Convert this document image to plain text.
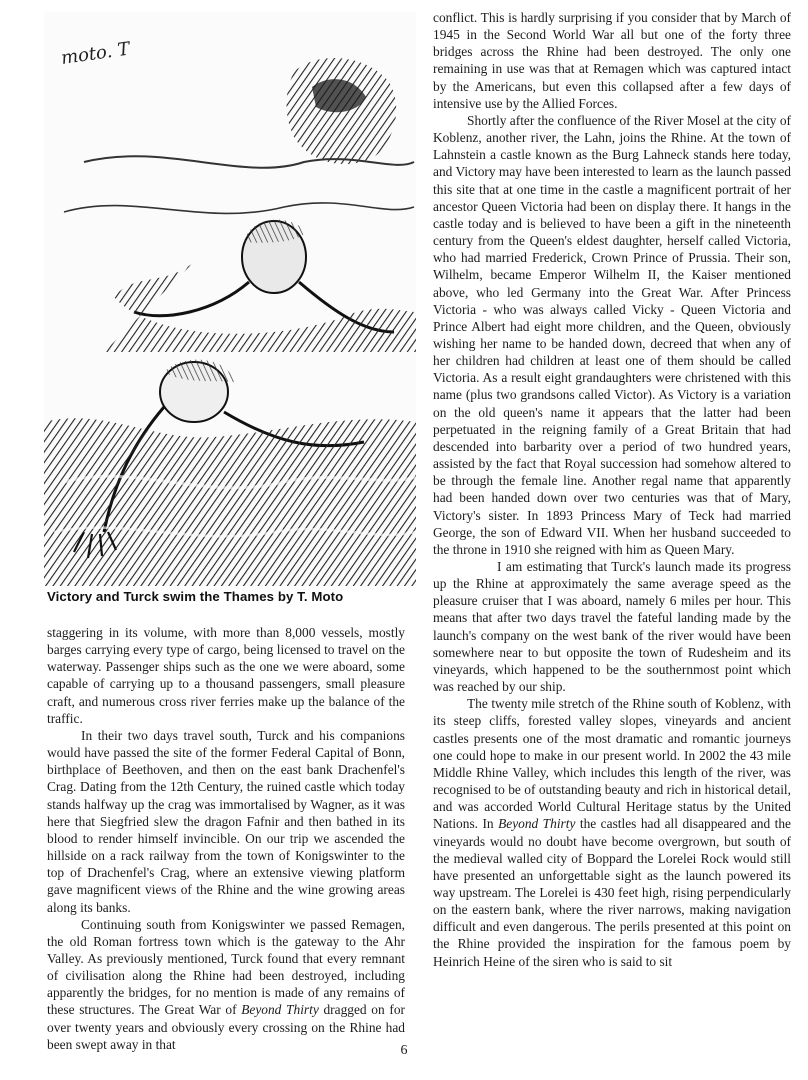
moto. T
Victory and Turck swim the Thames by T. Moto

conflict. This is hardly surprising if you consider that by March of 1945 in the Second World War all but one of the forty three bridges across the Rhine had been destroyed. The only one remaining in use was that at Remagen which was captured intact by the Americans, but even this collapsed after a few days of intensive use by the Allied Forces.

Shortly after the confluence of the River Mosel at the city of Koblenz, another river, the Lahn, joins the Rhine. At the town of Lahnstein a castle known as the Burg Lahneck stands here today, and Victory may have been interested to learn as the launch passed this site that at one time in the castle a magnificent portrait of her ancestor Queen Victoria had been on display there. It hangs in the castle today and is believed to have been a gift in the nineteenth century from the Queen's eldest daughter, herself called Victoria, who had married Frederick, Crown Prince of Prussia. Their son, Wilhelm, became Emperor Wilhelm II, the Kaiser mentioned above, who led Germany into the Great War. After Princess Victoria - who was always called Vicky - Queen Victoria and Prince Albert had eight more children, and the Queen, obviously wishing her name to be handed down, decreed that when any of her children had children at least one of them should be called Victoria. As a result eight grandaughters were christened with this name (plus two grandsons called Victor). As Victory is a variation on the old queen's name it appears that the latter had been perpetuated in the reigning family of a Great Britain that had descended into barbarity over a period of two hundred years, assisted by the fact that Royal succession had somehow altered to be through the female line. Another regal name that apparently had been handed down over two centuries was that of Mary, Victory's sister. In 1893 Princess Mary of Teck had married George, the son of Edward VII. When her husband succeeded to the throne in 1910 she reigned with him as Queen Mary.

I am estimating that Turck's launch made its progress up the Rhine at approximately the same average speed as the pleasure cruiser that I was aboard, namely 6 miles per hour. This means that after two days travel the fateful landing made by the launch's company on the west bank of the river would have been somewhere near to but opposite the town of Rudesheim and its vineyards, which happened to be the southernmost point which was reached by our ship.

The twenty mile stretch of the Rhine south of Koblenz, with its steep cliffs, forested valley slopes, vineyards and ancient castles presents one of the most dramatic and romantic journeys one could hope to make in our present world. In 2002 the 43 mile Middle Rhine Valley, which includes this length of the river, was recognised to be of outstanding beauty and rich in historical detail, and was accorded World Cultural Heritage status by the United Nations. In Beyond Thirty the castles had all disappeared and the vineyards would no doubt have become overgrown, but south of the medieval walled city of Boppard the Lorelei Rock would still have presented an unforgettable sight as the launch powered its way upstream. The Lorelei is 430 feet high, rising perpendicularly on the eastern bank, where the river narrows, making navigation difficult and even dangerous. The perils presented at this point on the Rhine provided the inspiration for the famous poem by Heinrich Heine of the siren who is said to sit

staggering in its volume, with more than 8,000 vessels, mostly barges carrying every type of cargo, being licensed to travel on the waterway. Passenger ships such as the one we were aboard, some capable of carrying up to a thousand passengers, small pleasure craft, and numerous cross river ferries make up the balance of the traffic.

In their two days travel south, Turck and his companions would have passed the site of the former Federal Capital of Bonn, birthplace of Beethoven, and then on the east bank Drachenfel's Crag. Dating from the 12th Century, the ruined castle which today stands halfway up the crag was immortalised by Wagner, as it was here that Siegfried slew the dragon Fafnir and then bathed in its blood to render himself invincible. On our trip we ascended the hillside on a rack railway from the town of Konigswinter to the top of Drachenfel's Crag, where an extensive viewing platform gave magnificent views of the Rhine and the wine growing areas along its banks.

Continuing south from Konigswinter we passed Remagen, the old Roman fortress town which is the gateway to the Ahr Valley. As previously mentioned, Turck found that every remnant of civilisation along the Rhine had been destroyed, including apparently the bridges, for no mention is made of any remains of these structures. The Great War of Beyond Thirty dragged on for over twenty years and obviously every crossing on the Rhine had been swept away in that	6
